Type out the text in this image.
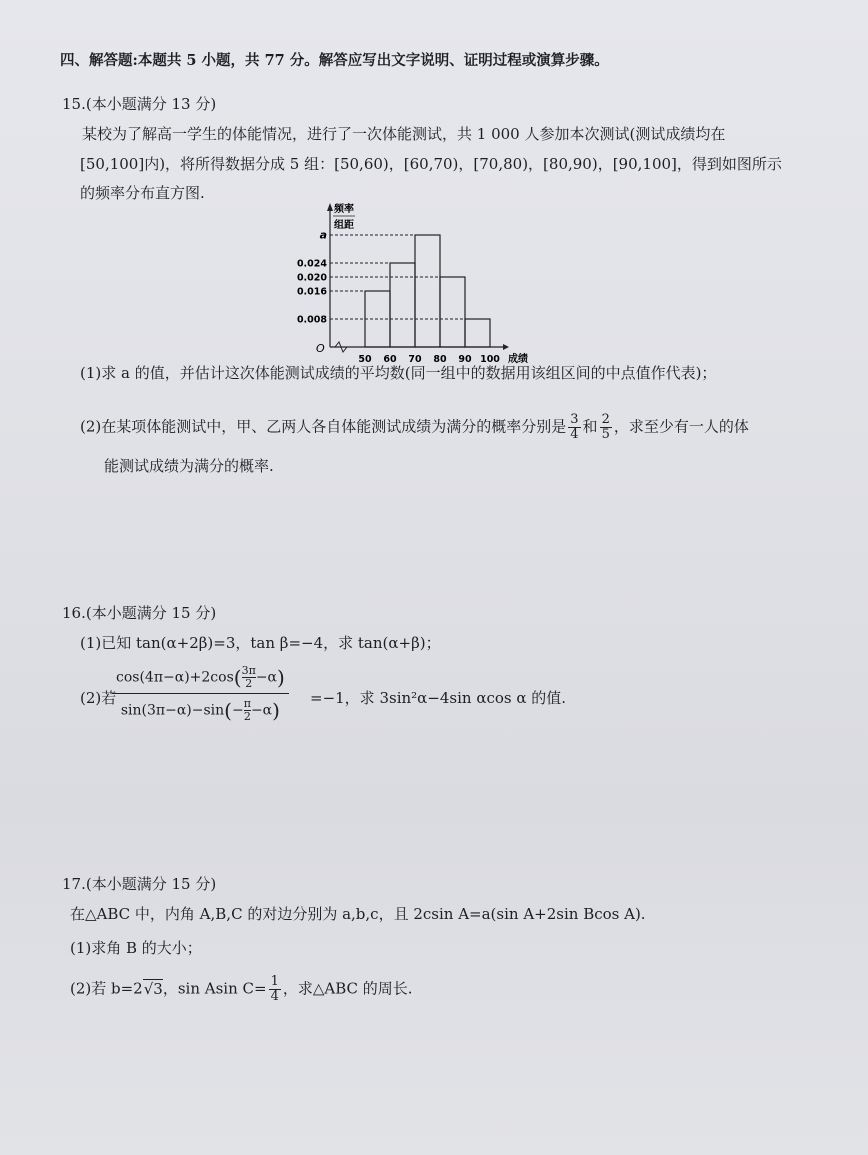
四、解答题:本题共 5 小题，共 77 分。解答应写出文字说明、证明过程或演算步骤。
15.(本小题满分 13 分)
某校为了解高一学生的体能情况，进行了一次体能测试，共 1 000 人参加本次测试(测试成绩均在
[50,100]内)，将所得数据分成 5 组：[50,60)，[60,70)，[70,80)，[80,90)，[90,100]，得到如图所示
的频率分布直方图.
频率
组距
O
0.008
0.016
0.020
0.024
a
50 60 70 80 90 100 成绩
(1)求 a 的值，并估计这次体能测试成绩的平均数(同一组中的数据用该组区间的中点值作代表)；
(2)在某项体能测试中，甲、乙两人各自体能测试成绩为满分的概率分别是 $\frac{3}{4}$ 和 $\frac{2}{5}$ ，求至少有一人的体
能测试成绩为满分的概率.
16.(本小题满分 15 分)
(1)已知 tan(α+2β)=3，tan β=−4，求 tan(α+β)；
(2)若
$\frac{\cos(4\pi-\alpha)+2\cos( \frac{3\pi}{2} -\alpha)}{\sin(3\pi-\alpha)-\sin(- \frac{\pi}{2} -\alpha)} =-1$，求 3sin²α−4sin αcos α 的值.
17.(本小题满分 15 分)
在△ABC 中，内角 A,B,C 的对边分别为 a,b,c，且 2csin A=a(sin A+2sin Bcos A).
(1)求角 B 的大小；
(2)若 b=2√3，sin Asin $C= \frac{1}{4}$ ，求△ABC 的周长.
